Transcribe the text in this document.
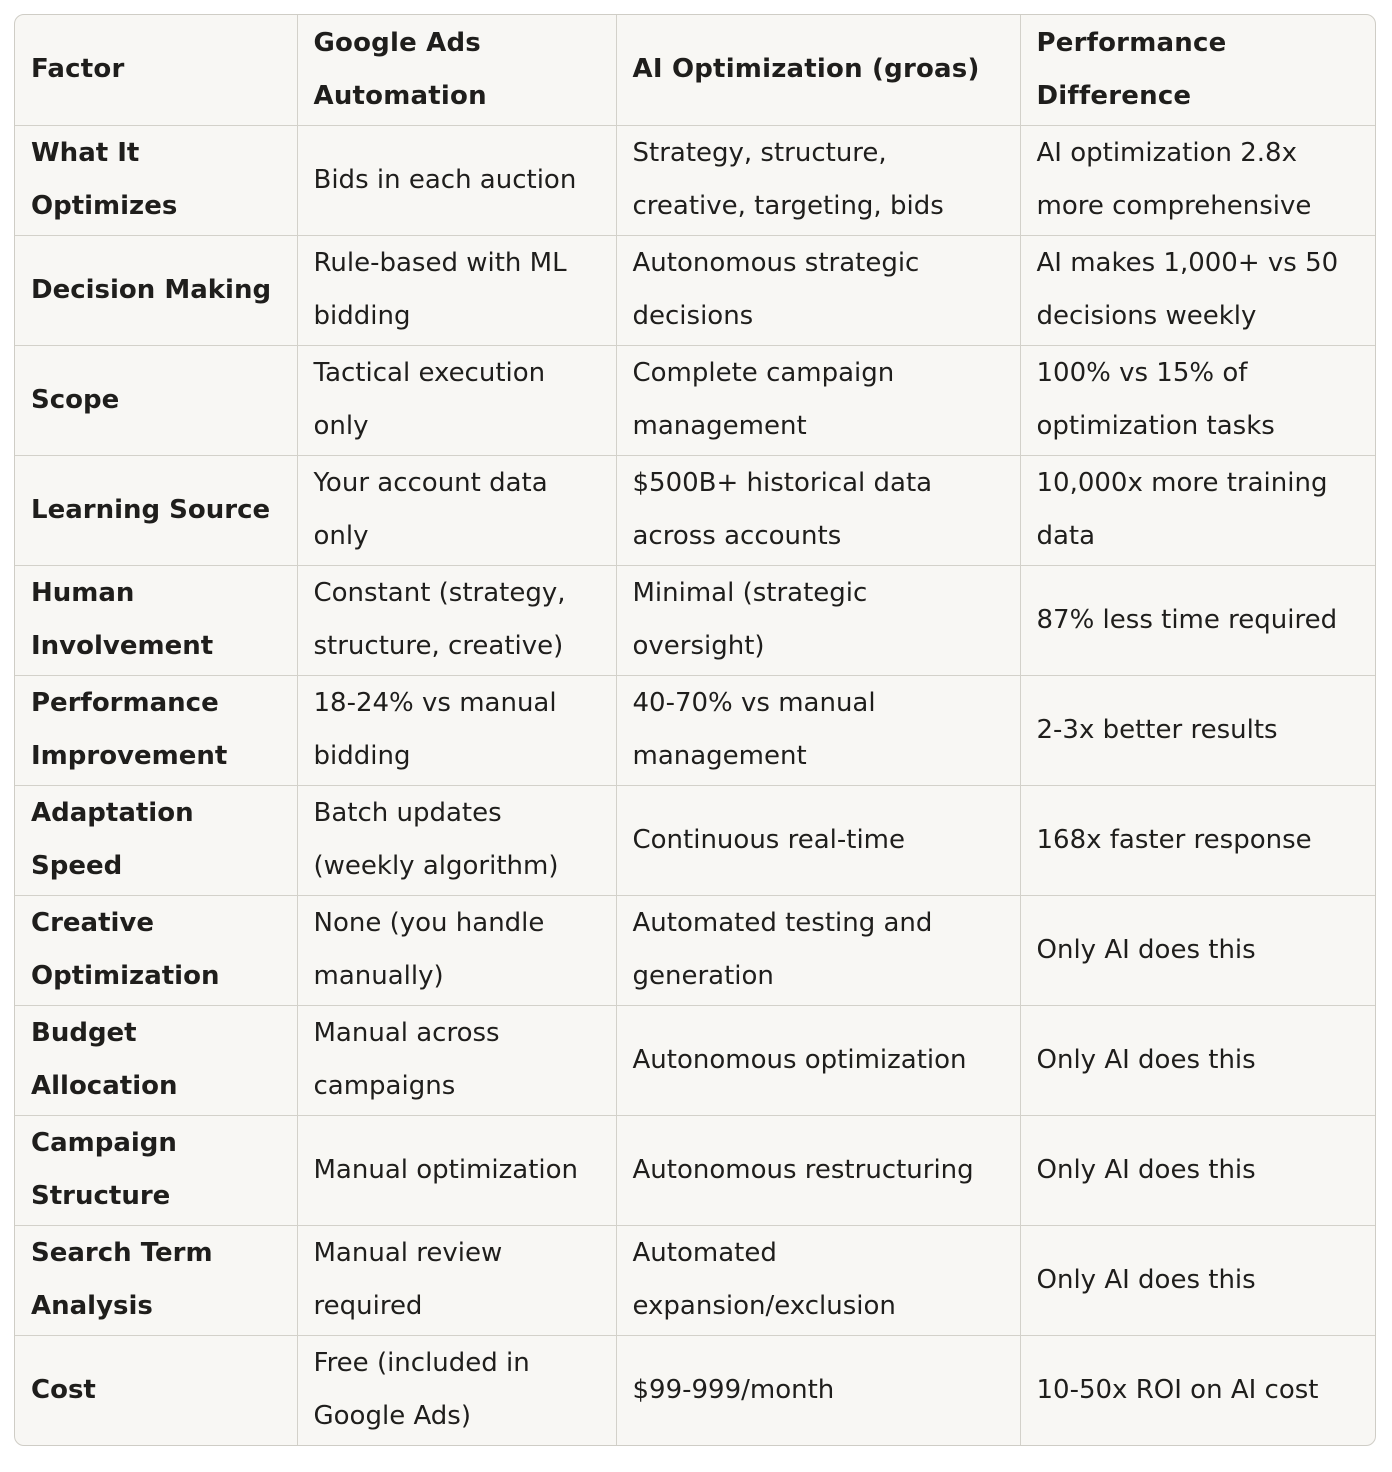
Factor	Google Ads Automation	AI Optimization (groas)	Performance Difference
What It Optimizes	Bids in each auction	Strategy, structure, creative, targeting, bids	AI optimization 2.8x more comprehensive
Decision Making	Rule-based with ML bidding	Autonomous strategic decisions	AI makes 1,000+ vs 50 decisions weekly
Scope	Tactical execution only	Complete campaign management	100% vs 15% of optimization tasks
Learning Source	Your account data only	$500B+ historical data across accounts	10,000x more training data
Human Involvement	Constant (strategy, structure, creative)	Minimal (strategic oversight)	87% less time required
Performance Improvement	18-24% vs manual bidding	40-70% vs manual management	2-3x better results
Adaptation Speed	Batch updates (weekly algorithm)	Continuous real-time	168x faster response
Creative Optimization	None (you handle manually)	Automated testing and generation	Only AI does this
Budget Allocation	Manual across campaigns	Autonomous optimization	Only AI does this
Campaign Structure	Manual optimization	Autonomous restructuring	Only AI does this
Search Term Analysis	Manual review required	Automated expansion/exclusion	Only AI does this
Cost	Free (included in Google Ads)	$99-999/month	10-50x ROI on AI cost
